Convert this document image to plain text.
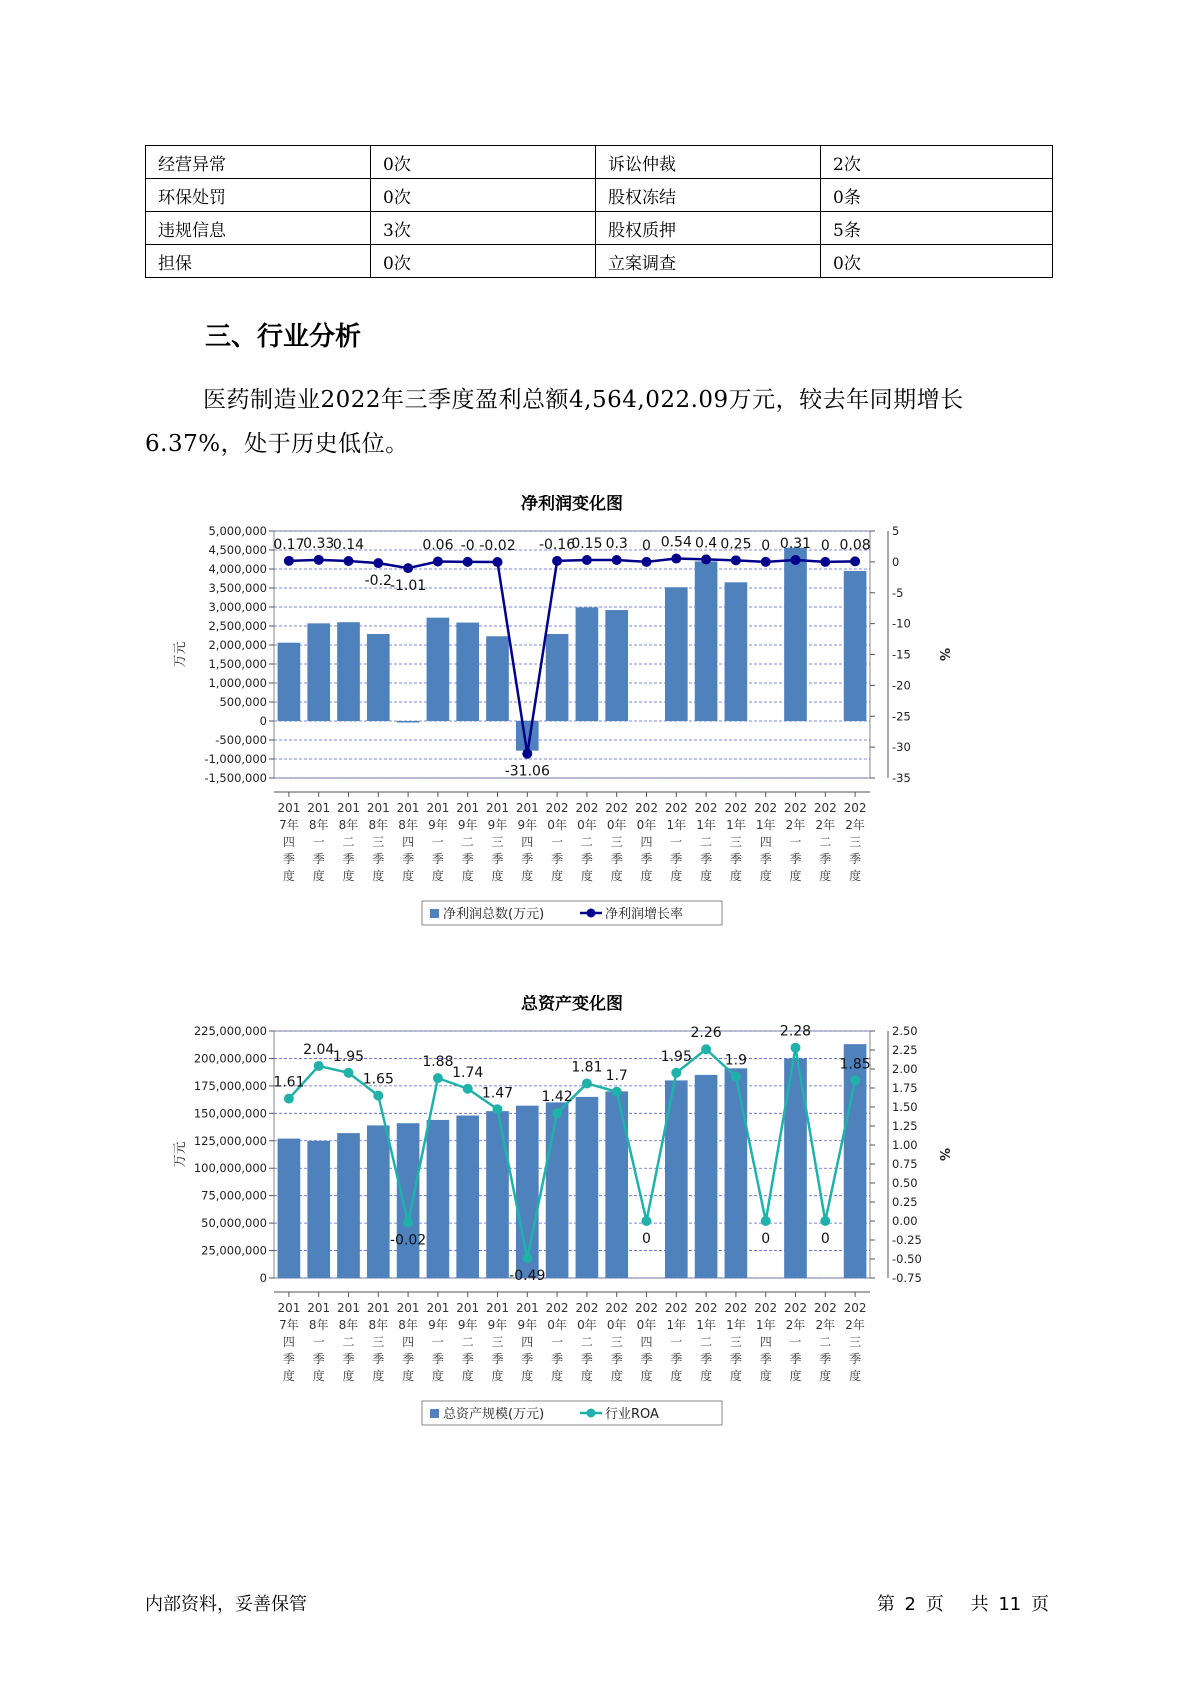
经营异常	0次	诉讼仲裁	2次
环保处罚	0次	股权冻结	0条
违规信息	3次	股权质押	5条
担保	0次	立案调查	0次
三、行业分析

医药制造业2022年三季度盈利总额4,564,022.09万元，较去年同期增长6.37%，处于历史低位。

净利润变化图
5,000,000
4,500,000
4,000,000
3,500,000
3,000,000
2,500,000
2,000,000
1,500,000
1,000,000
500,000
0
-500,000
-1,000,000
-1,500,000
5
0
-5
-10
-15
-20
-25
-30
-35
万元	%
0.17
0.33
0.14
-0.2
-1.01
0.06 -0 -0.02
-31.06
-0.16
0.15 0.3 0 0.54 0.4 0.25 0 0.31 0 0.08
201
7年
四
季
度
201
8年
一
季
度
201
8年
二
季
度
201
8年
三
季
度
201
8年
四
季
度
201
9年
一
季
度
201
9年
二
季
度
201
9年
三
季
度
201
9年
四
季
度
202
0年
一
季
度
202
0年
二
季
度
202
0年
三
季
度
202
0年
四
季
度
202
1年
一
季
度
202
1年
二
季
度
202
1年
三
季
度
202
1年
四
季
度
202
2年
一
季
度
202
2年
二
季
度
202
2年
三
季
度
净利润总数(万元)	净利润增长率
总资产变化图
225,000,000
200,000,000
175,000,000
150,000,000
125,000,000
100,000,000
75,000,000
50,000,000
25,000,000
0
2.50
2.25
2.00
1.75
1.50
1.25
1.00
0.75
0.50
0.25
0.00
-0.25
-0.50
-0.75
万元	%
1.61
2.04
1.95
1.65
-0.02
1.88
1.74
1.47
-0.49
1.42
1.81
1.7
0
1.95
2.26
1.9
0
2.28
0
1.85
201
7年
四
季
度
201
8年
一
季
度
201
8年
二
季
度
201
8年
三
季
度
201
8年
四
季
度
201
9年
一
季
度
201
9年
二
季
度
201
9年
三
季
度
201
9年
四
季
度
202
0年
一
季
度
202
0年
二
季
度
202
0年
三
季
度
202
0年
四
季
度
202
1年
一
季
度
202
1年
二
季
度
202
1年
三
季
度
202
1年
四
季
度
202
2年
一
季
度
202
2年
二
季
度
202
2年
三
季
度
总资产规模(万元)	行业ROA
内部资料，妥善保管	第 2 页 共 11 页
